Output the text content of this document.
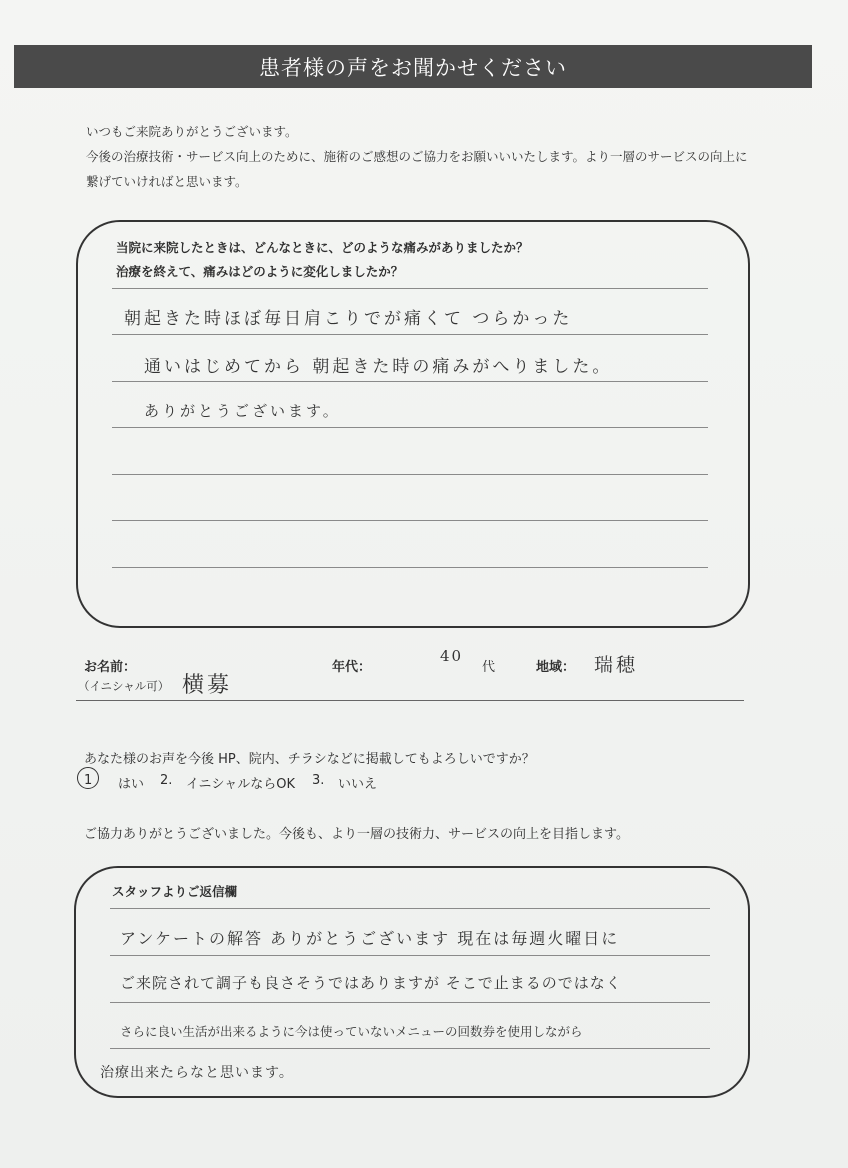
患者様の声をお聞かせください
いつもご来院ありがとうございます。
今後の治療技術・サービス向上のために、施術のご感想のご協力をお願いいいたします。より一層のサービスの向上に
繋げていければと思います。
当院に来院したときは、どんなときに、どのような痛みがありましたか？
治療を終えて、痛みはどのように変化しましたか？
朝起きた時ほぼ毎日肩こりでが痛くて つらかった
通いはじめてから 朝起きた時の痛みがへりました。
ありがとうございます。
お名前：
（イニシャル可） 横募
年代：
40
代	地域： 瑞穂
あなた様のお声を今後 HP、院内、チラシなどに掲載してもよろしいですか？
1 はい 2. イニシャルならOK 3. いいえ
ご協力ありがとうございました。今後も、より一層の技術力、サービスの向上を目指します。
スタッフよりご返信欄
アンケートの解答 ありがとうございます 現在は毎週火曜日に
ご来院されて調子も良さそうではありますが そこで止まるのではなく
さらに良い生活が出来るように今は使っていないメニューの回数券を使用しながら
治療出来たらなと思います。
